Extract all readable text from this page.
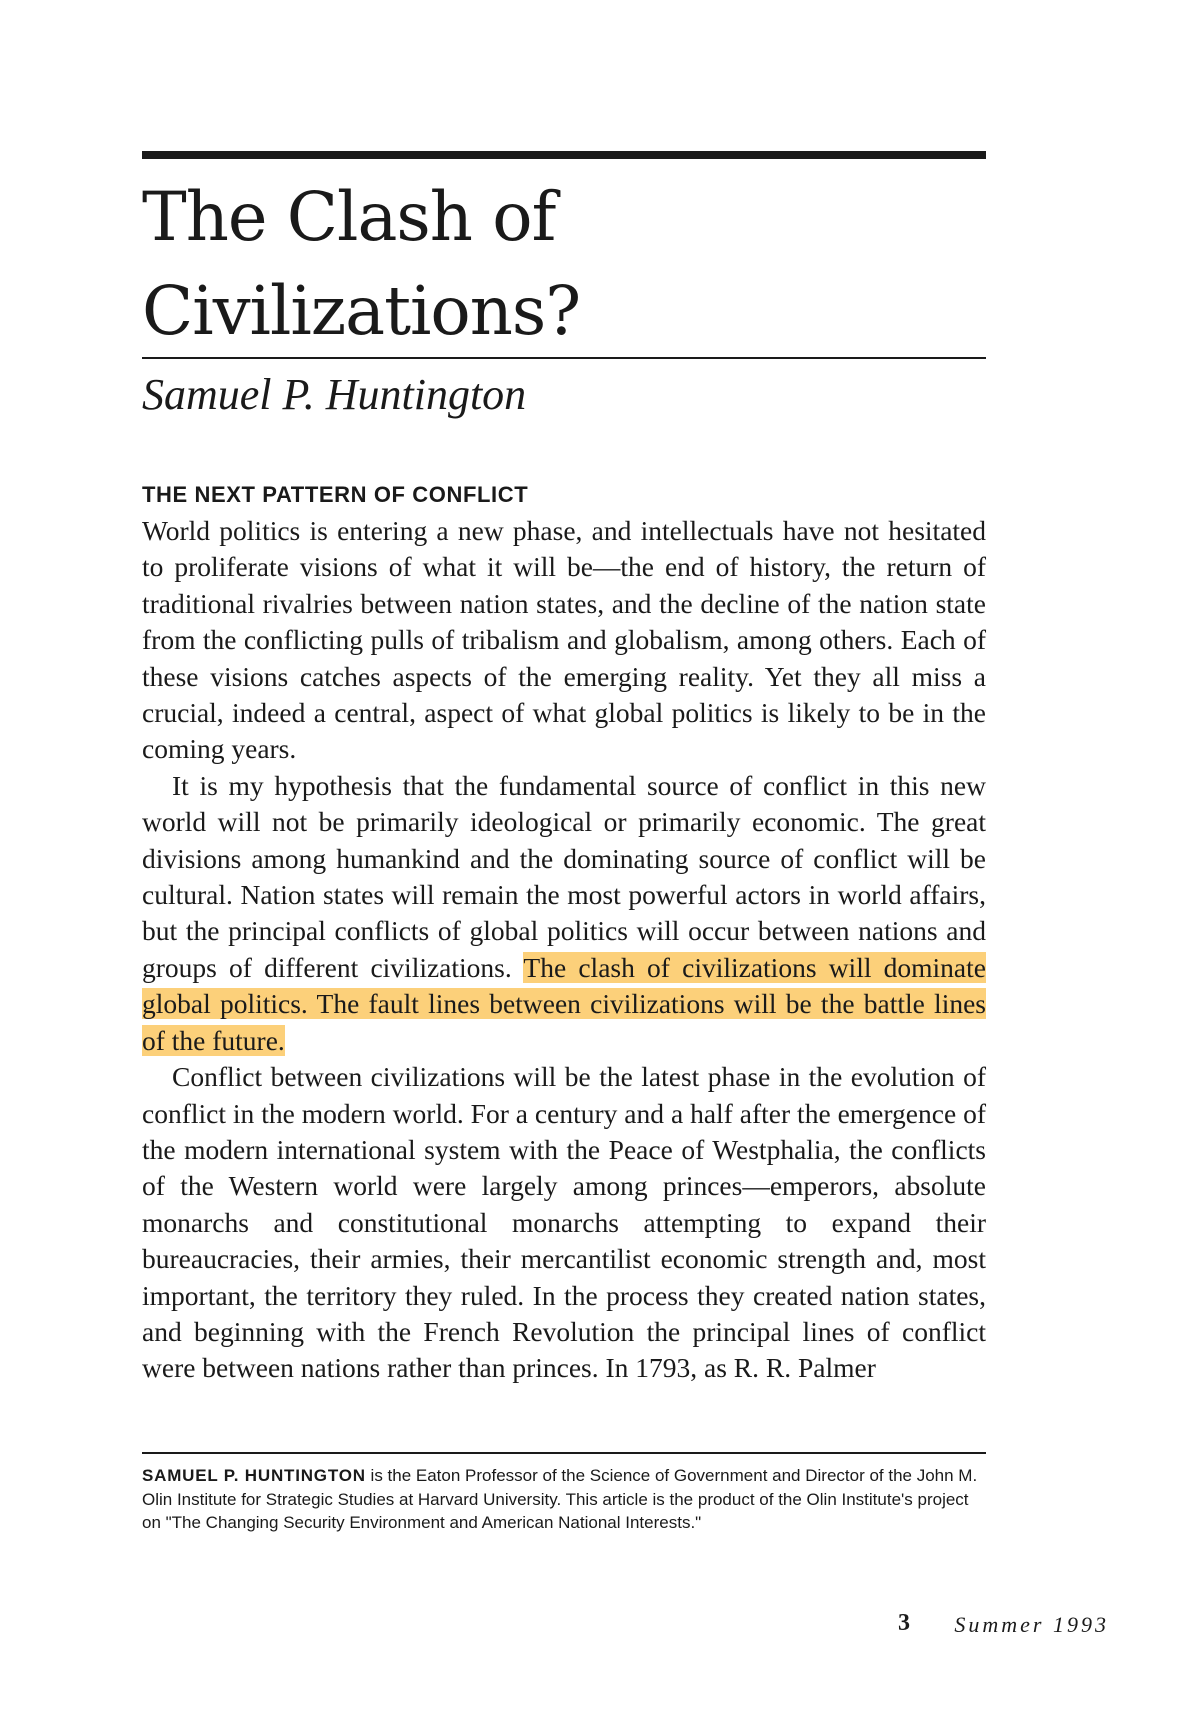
The Clash of
Civilizations?
Samuel P. Huntington
THE NEXT PATTERN OF CONFLICT

World politics is entering a new phase, and intellectuals have not hesitated to proliferate visions of what it will be—the end of history, the return of traditional rivalries between nation states, and the decline of the nation state from the conflicting pulls of tribalism and globalism, among others. Each of these visions catches aspects of the emerging reality. Yet they all miss a crucial, indeed a central, aspect of what global politics is likely to be in the coming years.

It is my hypothesis that the fundamental source of conflict in this new world will not be primarily ideological or primarily economic. The great divisions among humankind and the dominating source of conflict will be cultural. Nation states will remain the most powerful actors in world affairs, but the principal conflicts of global politics will occur between nations and groups of different civilizations. The clash of civilizations will dominate global politics. The fault lines between civilizations will be the battle lines of the future.

Conflict between civilizations will be the latest phase in the evolution of conflict in the modern world. For a century and a half after the emergence of the modern international system with the Peace of Westphalia, the conflicts of the Western world were largely among princes—emperors, absolute monarchs and constitutional monarchs attempting to expand their bureaucracies, their armies, their mercantilist economic strength and, most important, the territory they ruled. In the process they created nation states, and beginning with the French Revolution the principal lines of conflict were between nations rather than princes. In 1793, as R. R. Palmer

SAMUEL P. HUNTINGTON is the Eaton Professor of the Science of Government and Director of the John M. Olin Institute for Strategic Studies at Harvard University. This article is the product of the Olin Institute's project on "The Changing Security Environment and American National Interests."

Summer 1993
3
